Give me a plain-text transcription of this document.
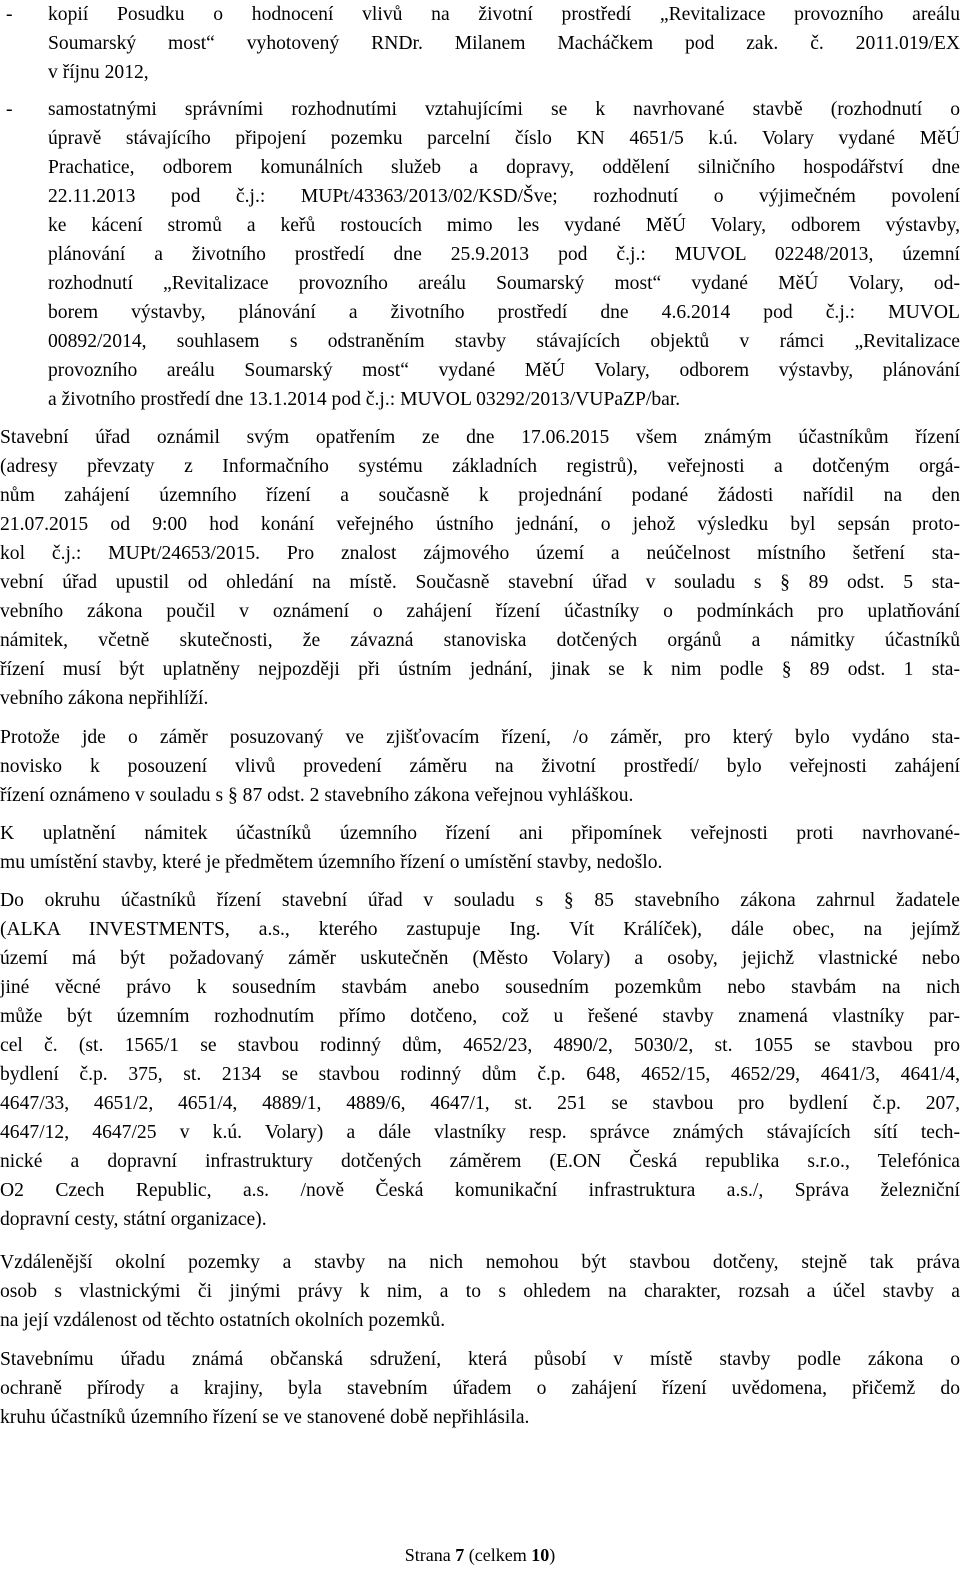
-	kopií Posudku o hodnocení vlivů na životní prostředí „Revitalizace provozního areálu
Soumarský most“ vyhotovený RNDr. Milanem Macháčkem pod zak. č. 2011.019/EX
v říjnu 2012,
-	samostatnými správními rozhodnutími vztahujícími se k navrhované stavbě (rozhodnutí o
úpravě stávajícího připojení pozemku parcelní číslo KN 4651/5 k.ú. Volary vydané MěÚ
Prachatice, odborem komunálních služeb a dopravy, oddělení silničního hospodářství dne
22.11.2013 pod č.j.: MUPt/43363/2013/02/KSD/Šve; rozhodnutí o výjimečném povolení
ke kácení stromů a keřů rostoucích mimo les vydané MěÚ Volary, odborem výstavby,
plánování a životního prostředí dne 25.9.2013 pod č.j.: MUVOL 02248/2013, územní
rozhodnutí „Revitalizace provozního areálu Soumarský most“ vydané MěÚ Volary, od-
borem výstavby, plánování a životního prostředí dne 4.6.2014 pod č.j.: MUVOL
00892/2014, souhlasem s odstraněním stavby stávajících objektů v rámci „Revitalizace
provozního areálu Soumarský most“ vydané MěÚ Volary, odborem výstavby, plánování
a životního prostředí dne 13.1.2014 pod č.j.: MUVOL 03292/2013/VUPaZP/bar.
Stavební úřad oznámil svým opatřením ze dne 17.06.2015 všem známým účastníkům řízení
(adresy převzaty z Informačního systému základních registrů), veřejnosti a dotčeným orgá-
nům zahájení územního řízení a současně k projednání podané žádosti nařídil na den
21.07.2015 od 9:00 hod konání veřejného ústního jednání, o jehož výsledku byl sepsán proto-
kol č.j.: MUPt/24653/2015. Pro znalost zájmového území a neúčelnost místního šetření sta-
vební úřad upustil od ohledání na místě. Současně stavební úřad v souladu s § 89 odst. 5 sta-
vebního zákona poučil v oznámení o zahájení řízení účastníky o podmínkách pro uplatňování
námitek, včetně skutečnosti, že závazná stanoviska dotčených orgánů a námitky účastníků
řízení musí být uplatněny nejpozději při ústním jednání, jinak se k nim podle § 89 odst. 1 sta-
vebního zákona nepřihlíží.
Protože jde o záměr posuzovaný ve zjišťovacím řízení, /o záměr, pro který bylo vydáno sta-
novisko k posouzení vlivů provedení záměru na životní prostředí/ bylo veřejnosti zahájení
řízení oznámeno v souladu s § 87 odst. 2 stavebního zákona veřejnou vyhláškou.
K uplatnění námitek účastníků územního řízení ani připomínek veřejnosti proti navrhované-
mu umístění stavby, které je předmětem územního řízení o umístění stavby, nedošlo.
Do okruhu účastníků řízení stavební úřad v souladu s § 85 stavebního zákona zahrnul žadatele
(ALKA INVESTMENTS, a.s., kterého zastupuje Ing. Vít Králíček), dále obec, na jejímž
území má být požadovaný záměr uskutečněn (Město Volary) a osoby, jejichž vlastnické nebo
jiné věcné právo k sousedním stavbám anebo sousedním pozemkům nebo stavbám na nich
může být územním rozhodnutím přímo dotčeno, což u řešené stavby znamená vlastníky par-
cel č. (st. 1565/1 se stavbou rodinný dům, 4652/23, 4890/2, 5030/2, st. 1055 se stavbou pro
bydlení č.p. 375, st. 2134 se stavbou rodinný dům č.p. 648, 4652/15, 4652/29, 4641/3, 4641/4,
4647/33, 4651/2, 4651/4, 4889/1, 4889/6, 4647/1, st. 251 se stavbou pro bydlení č.p. 207,
4647/12, 4647/25 v k.ú. Volary) a dále vlastníky resp. správce známých stávajících sítí tech-
nické a dopravní infrastruktury dotčených záměrem (E.ON Česká republika s.r.o., Telefónica
O2 Czech Republic, a.s. /nově Česká komunikační infrastruktura a.s./, Správa železniční
dopravní cesty, státní organizace).
Vzdálenější okolní pozemky a stavby na nich nemohou být stavbou dotčeny, stejně tak práva
osob s vlastnickými či jinými právy k nim, a to s ohledem na charakter, rozsah a účel stavby a
na její vzdálenost od těchto ostatních okolních pozemků.
Stavebnímu úřadu známá občanská sdružení, která působí v místě stavby podle zákona o
ochraně přírody a krajiny, byla stavebním úřadem o zahájení řízení uvědomena, přičemž do
kruhu účastníků územního řízení se ve stanovené době nepřihlásila.
Strana 7 (celkem 10)
